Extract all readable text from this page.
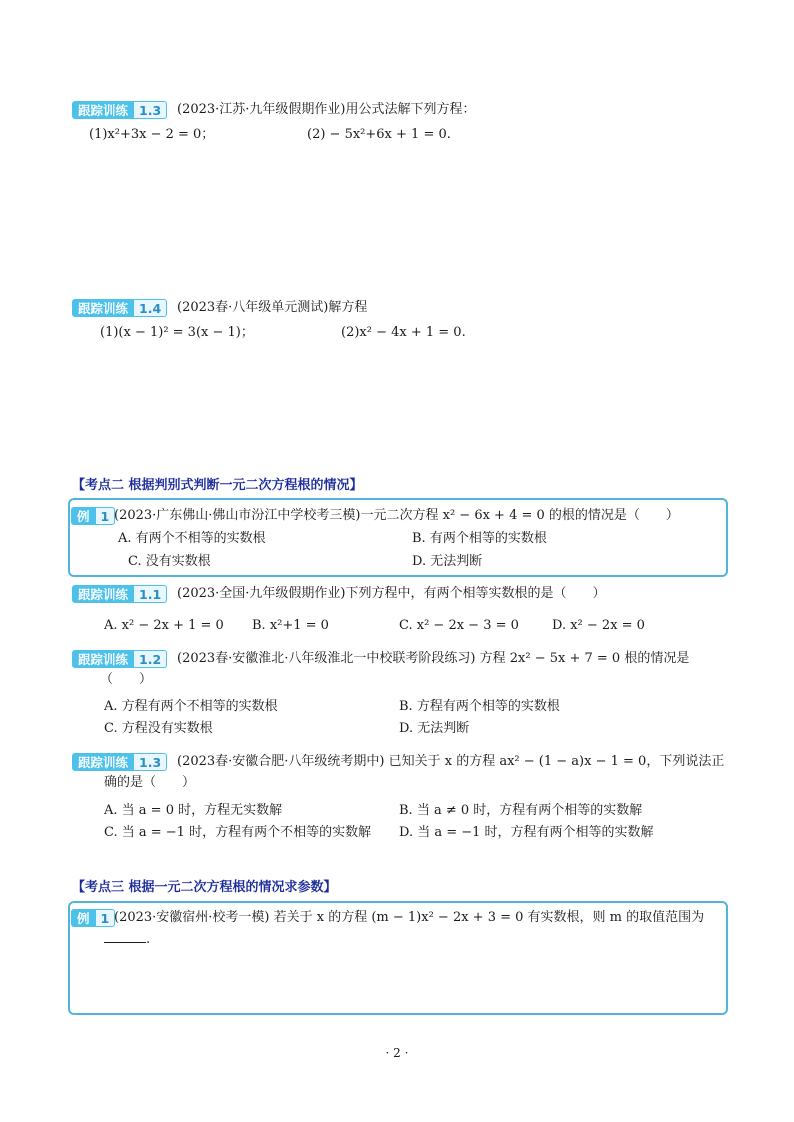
跟踪训练 1.3	(2023·江苏·九年级假期作业)用公式法解下列方程：
(1)x²+3x − 2 = 0；	(2) − 5x²+6x + 1 = 0.
跟踪训练 1.4	(2023春·八年级单元测试)解方程
(1)(x − 1)² = 3(x − 1)；	(2)x² − 4x + 1 = 0.
【考点二 根据判别式判断一元二次方程根的情况】
例 1 (2023·广东佛山·佛山市汾江中学校考三模)一元二次方程 x² − 6x + 4 = 0 的根的情况是（　　）
A. 有两个不相等的实数根	B. 有两个相等的实数根
C. 没有实数根	D. 无法判断
跟踪训练 1.1	(2023·全国·九年级假期作业)下列方程中，有两个相等实数根的是（　　）
A. x² − 2x + 1 = 0 B. x²+1 = 0	C. x² − 2x − 3 = 0	D. x² − 2x = 0
跟踪训练 1.2	(2023春·安徽淮北·八年级淮北一中校联考阶段练习) 方程 2x² − 5x + 7 = 0 根的情况是
（　　）
A. 方程有两个不相等的实数根	B. 方程有两个相等的实数根
C. 方程没有实数根	D. 无法判断
跟踪训练 1.3	(2023春·安徽合肥·八年级统考期中) 已知关于 x 的方程 ax² − (1 − a)x − 1 = 0，下列说法正
确的是（　　）
A. 当 a = 0 时，方程无实数解	B. 当 a ≠ 0 时，方程有两个相等的实数解
C. 当 a = −1 时，方程有两个不相等的实数解 D. 当 a = −1 时，方程有两个相等的实数解
【考点三 根据一元二次方程根的情况求参数】
例 1 (2023·安徽宿州·校考一模) 若关于 x 的方程 (m − 1)x² − 2x + 3 = 0 有实数根，则 m 的取值范围为
.
· 2 ·
